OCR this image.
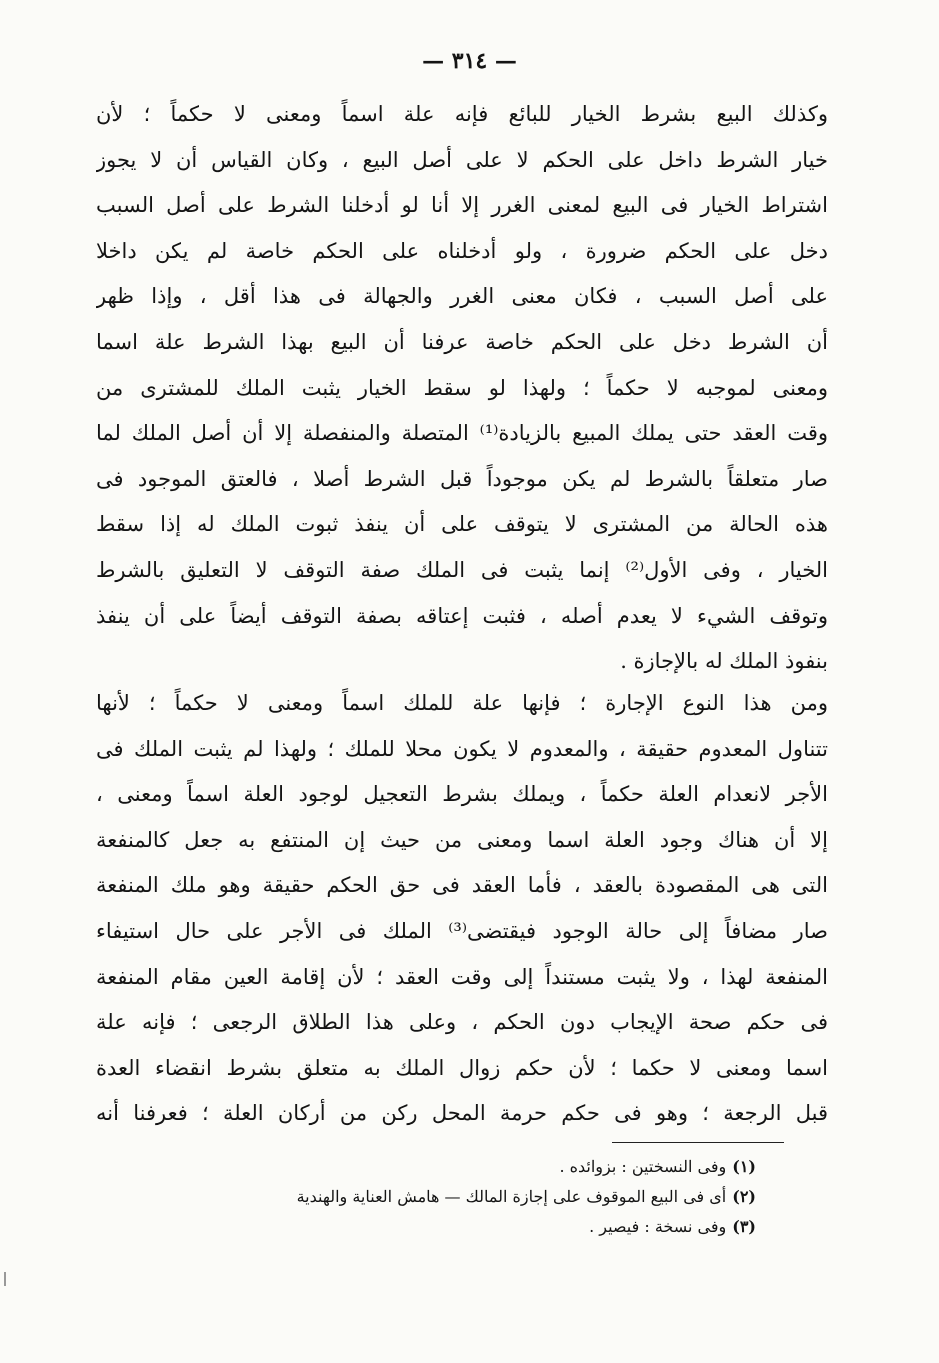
— ٣١٤ —

وكذلك البيع بشرط الخيار للبائع فإنه علة اسماً ومعنى لا حكماً ؛ لأن

خيار الشرط داخل على الحكم لا على أصل البيع ، وكان القياس أن لا يجوز

اشتراط الخيار فى البيع لمعنى الغرر إلا أنا لو أدخلنا الشرط على أصل السبب

دخل على الحكم ضرورة ، ولو أدخلناه على الحكم خاصة لم يكن داخلا

على أصل السبب ، فكان معنى الغرر والجهالة فى هذا أقل ، وإذا ظهر

أن الشرط دخل على الحكم خاصة عرفنا أن البيع بهذا الشرط علة اسما

ومعنى لموجبه لا حكماً ؛ ولهذا لو سقط الخيار يثبت الملك للمشترى من

وقت العقد حتى يملك المبيع بالزيادة⁽¹⁾ المتصلة والمنفصلة إلا أن أصل الملك لما

صار متعلقاً بالشرط لم يكن موجوداً قبل الشرط أصلا ، فالعتق الموجود فى

هذه الحالة من المشترى لا يتوقف على أن ينفذ ثبوت الملك له إذا سقط

الخيار ، وفى الأول⁽²⁾ إنما يثبت فى الملك صفة التوقف لا التعليق بالشرط

وتوقف الشيء لا يعدم أصله ، فثبت إعتاقه بصفة التوقف أيضاً على أن ينفذ

بنفوذ الملك له بالإجازة .

ومن هذا النوع الإجارة ؛ فإنها علة للملك اسماً ومعنى لا حكماً ؛ لأنها

تتناول المعدوم حقيقة ، والمعدوم لا يكون محلا للملك ؛ ولهذا لم يثبت الملك فى

الأجر لانعدام العلة حكماً ، ويملك بشرط التعجيل لوجود العلة اسماً ومعنى ،

إلا أن هناك وجود العلة اسما ومعنى من حيث إن المنتفع به جعل كالمنفعة

التى هى المقصودة بالعقد ، فأما العقد فى حق الحكم حقيقة وهو ملك المنفعة

صار مضافاً إلى حالة الوجود فيقتضى⁽³⁾ الملك فى الأجر على حال استيفاء

المنفعة لهذا ، ولا يثبت مستنداً إلى وقت العقد ؛ لأن إقامة العين مقام المنفعة

فى حكم صحة الإيجاب دون الحكم ، وعلى هذا الطلاق الرجعى ؛ فإنه علة

اسما ومعنى لا حكما ؛ لأن حكم زوال الملك به متعلق بشرط انقضاء العدة

قبل الرجعة ؛ وهو فى حكم حرمة المحل ركن من أركان العلة ؛ فعرفنا أنه

(١)وفى النسختين : بزوائده .

(٢)أى فى البيع الموقوف على إجازة المالك — هامش العناية والهندية

(٣)وفى نسخة : فيصير .
